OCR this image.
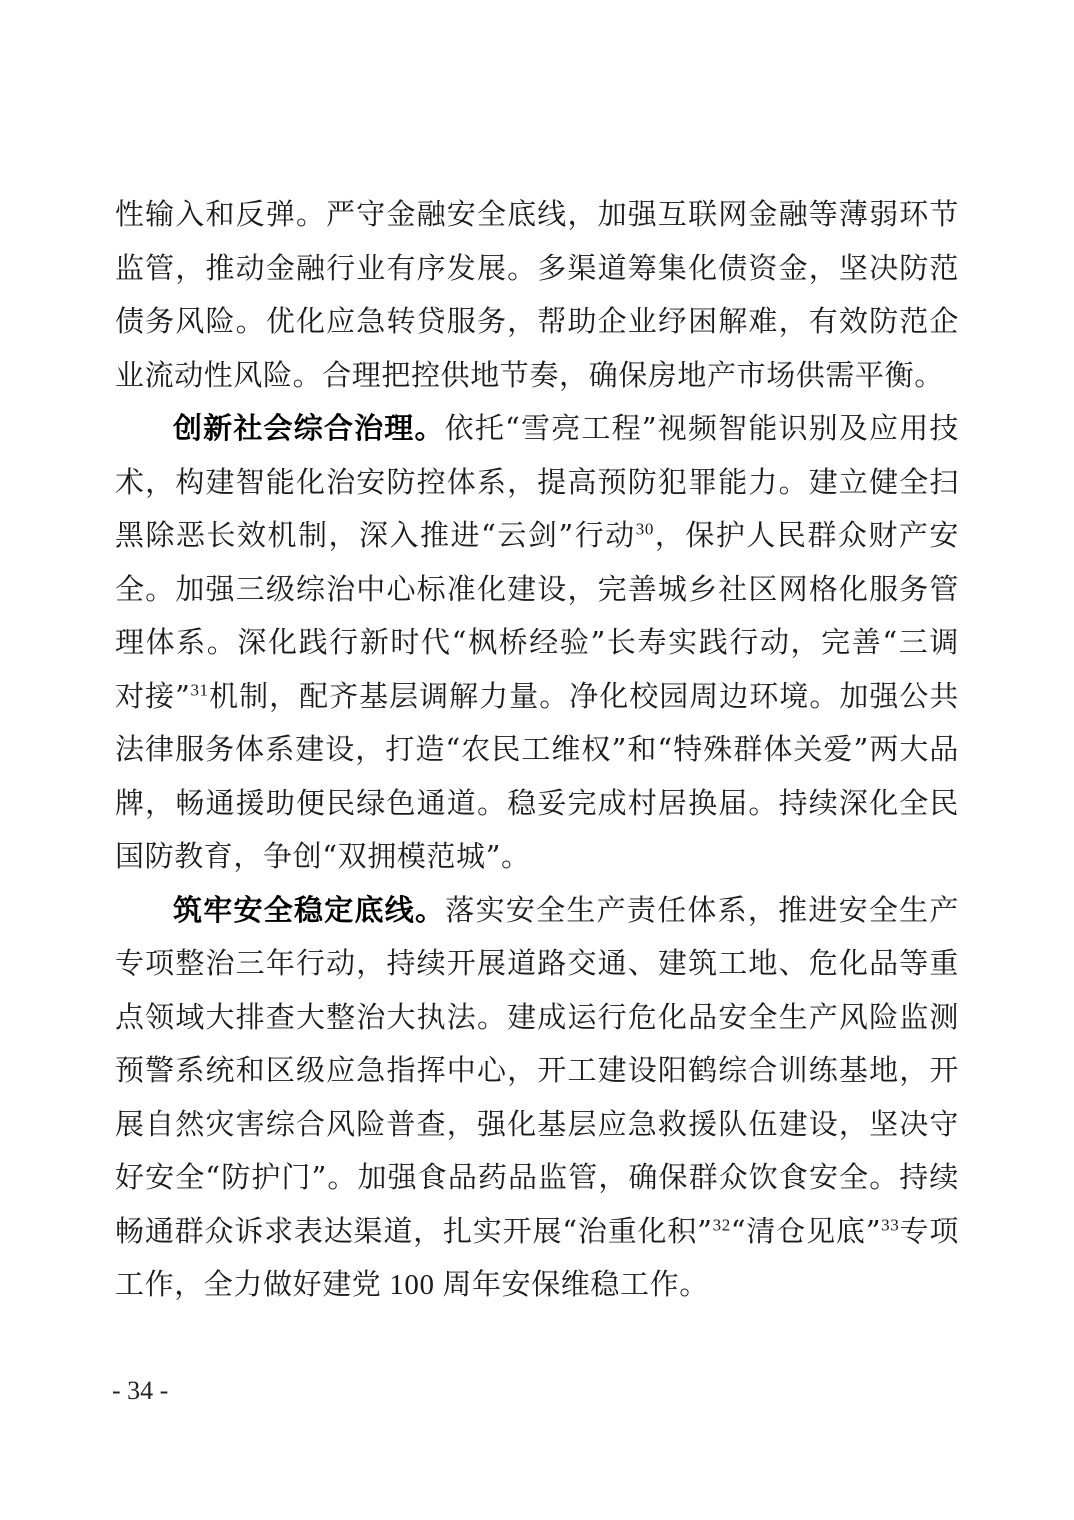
性输入和反弹。严守金融安全底线，加强互联网金融等薄弱环节监管，推动金融行业有序发展。多渠道筹集化债资金，坚决防范债务风险。优化应急转贷服务，帮助企业纾困解难，有效防范企业流动性风险。合理把控供地节奏，确保房地产市场供需平衡。

创新社会综合治理。依托“雪亮工程”视频智能识别及应用技术，构建智能化治安防控体系，提高预防犯罪能力。建立健全扫黑除恶长效机制，深入推进“云剑”行动$^{30}$，保护人民群众财产安全。加强三级综治中心标准化建设，完善城乡社区网格化服务管理体系。深化践行新时代“枫桥经验”长寿实践行动，完善“三调对接”$^{31}$机制，配齐基层调解力量。净化校园周边环境。加强公共法律服务体系建设，打造“农民工维权”和“特殊群体关爱”两大品牌，畅通援助便民绿色通道。稳妥完成村居换届。持续深化全民国防教育，争创“双拥模范城”。

筑牢安全稳定底线。落实安全生产责任体系，推进安全生产专项整治三年行动，持续开展道路交通、建筑工地、危化品等重点领域大排查大整治大执法。建成运行危化品安全生产风险监测预警系统和区级应急指挥中心，开工建设阳鹤综合训练基地，开展自然灾害综合风险普查，强化基层应急救援队伍建设，坚决守好安全“防护门”。加强食品药品监管，确保群众饮食安全。持续畅通群众诉求表达渠道，扎实开展“治重化积”$^{32}$“清仓见底”$^{33}$专项工作，全力做好建党 100 周年安保维稳工作。

- 34 -
